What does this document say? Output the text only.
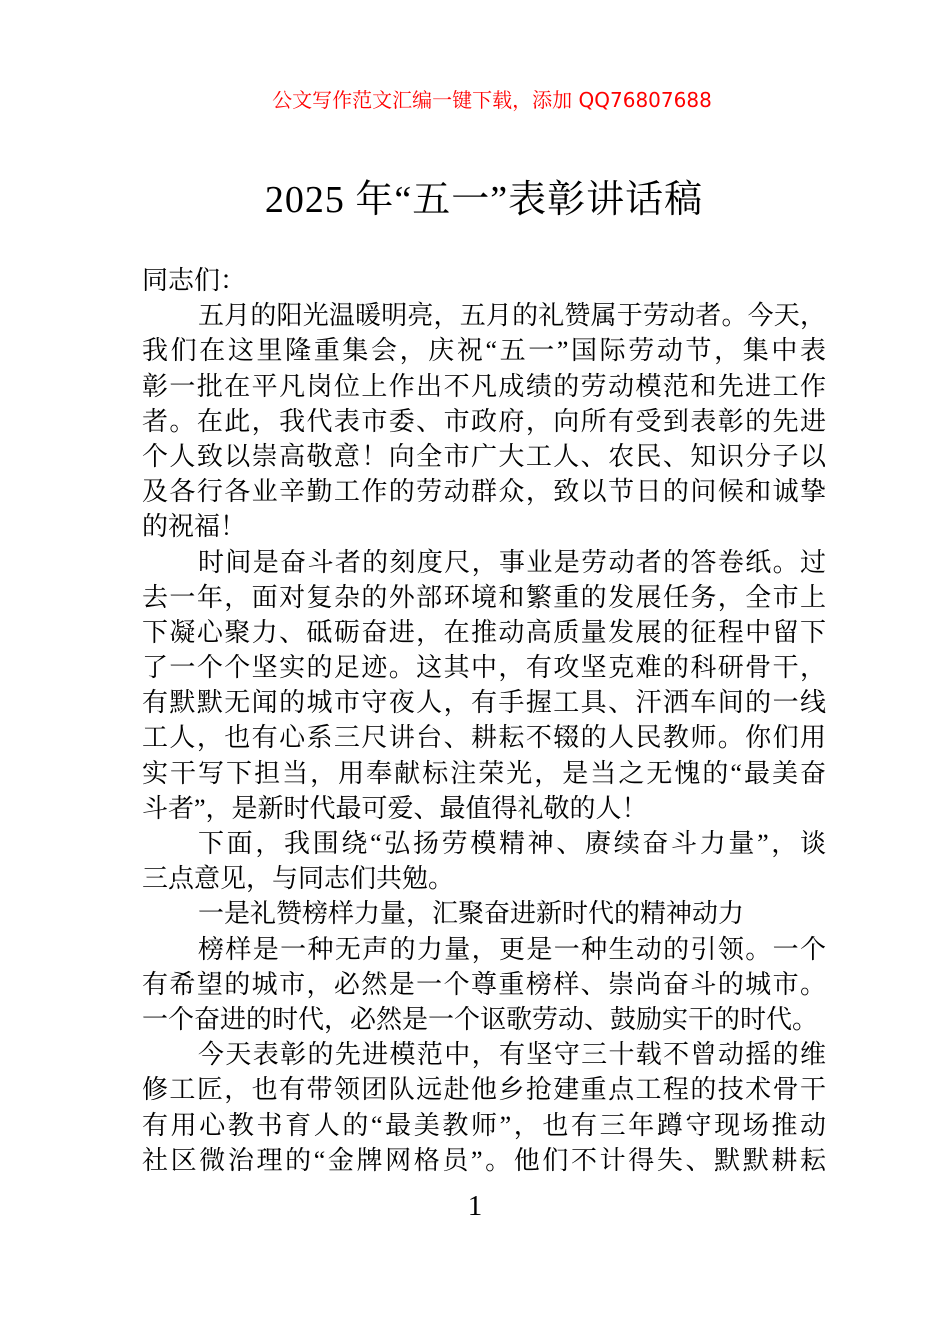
公文写作范文汇编一键下载，添加 QQ76807688
2025 年“五一”表彰讲话稿
同志们：
五月的阳光温暖明亮，五月的礼赞属于劳动者。今天，
我们在这里隆重集会，庆祝“五一”国际劳动节，集中表
彰一批在平凡岗位上作出不凡成绩的劳动模范和先进工作
者。在此，我代表市委、市政府，向所有受到表彰的先进
个人致以崇高敬意！向全市广大工人、农民、知识分子以
及各行各业辛勤工作的劳动群众，致以节日的问候和诚挚
的祝福！
时间是奋斗者的刻度尺，事业是劳动者的答卷纸。过
去一年，面对复杂的外部环境和繁重的发展任务，全市上
下凝心聚力、砥砺奋进，在推动高质量发展的征程中留下
了一个个坚实的足迹。这其中，有攻坚克难的科研骨干，
有默默无闻的城市守夜人，有手握工具、汗洒车间的一线
工人，也有心系三尺讲台、耕耘不辍的人民教师。你们用
实干写下担当，用奉献标注荣光，是当之无愧的“最美奋
斗者”，是新时代最可爱、最值得礼敬的人！
下面，我围绕“弘扬劳模精神、赓续奋斗力量”，谈
三点意见，与同志们共勉。
一是礼赞榜样力量，汇聚奋进新时代的精神动力
榜样是一种无声的力量，更是一种生动的引领。一个
有希望的城市，必然是一个尊重榜样、崇尚奋斗的城市。
一个奋进的时代，必然是一个讴歌劳动、鼓励实干的时代。
今天表彰的先进模范中，有坚守三十载不曾动摇的维
修工匠，也有带领团队远赴他乡抢建重点工程的技术骨干
有用心教书育人的“最美教师”，也有三年蹲守现场推动
社区微治理的“金牌网格员”。他们不计得失、默默耕耘
1
